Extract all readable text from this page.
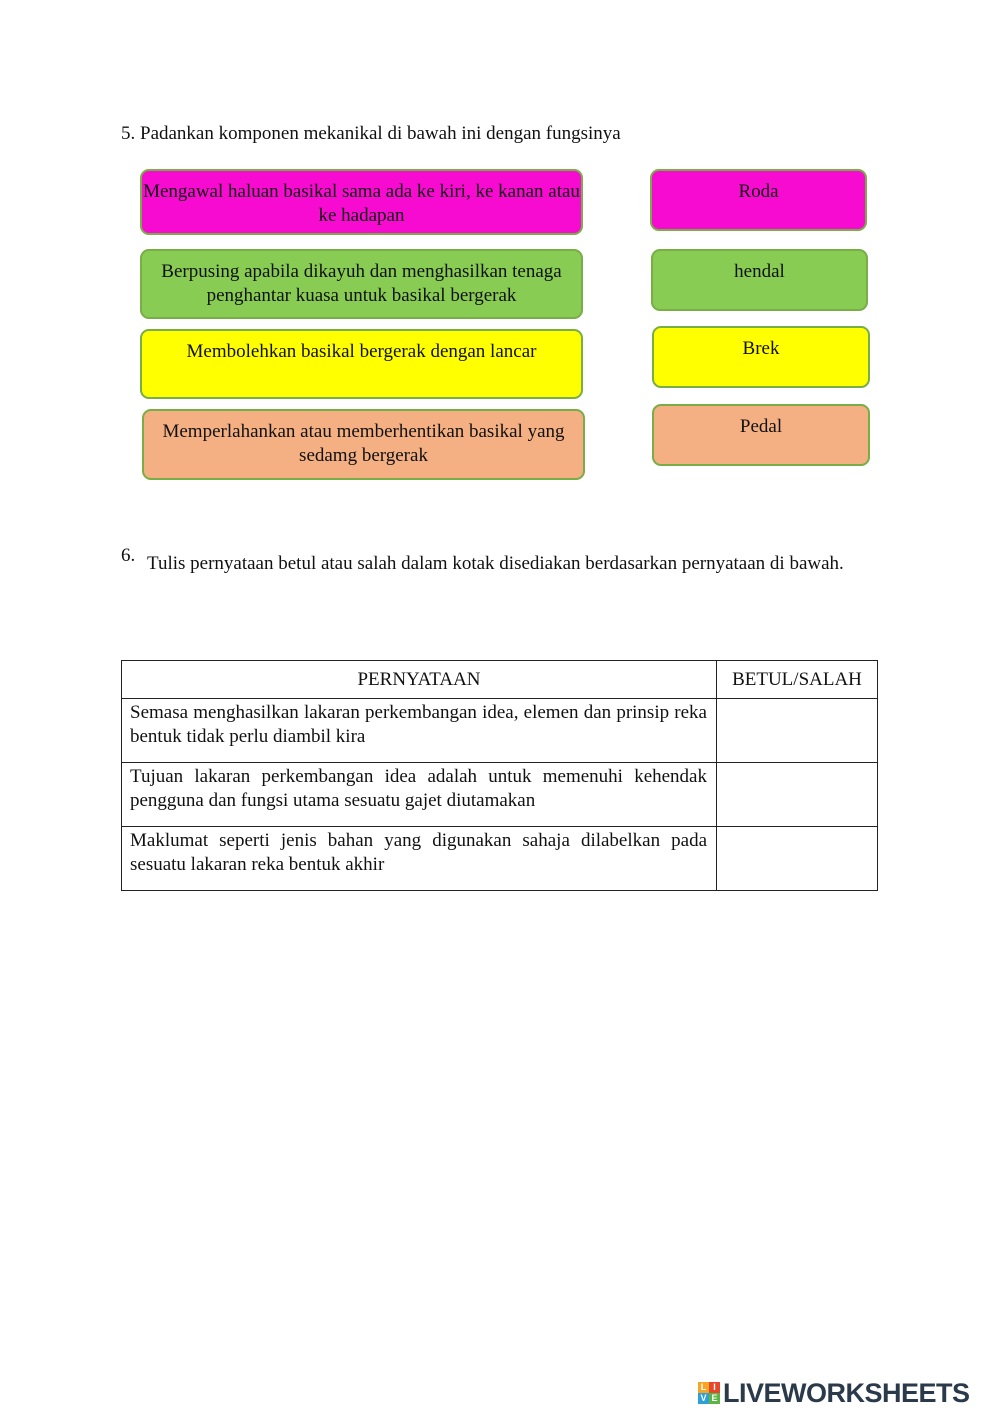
5. Padankan komponen mekanikal di bawah ini dengan fungsinya
Mengawal haluan basikal sama ada ke kiri, ke kanan atau ke hadapan
Berpusing apabila dikayuh dan menghasilkan tenaga penghantar kuasa untuk basikal bergerak
Membolehkan basikal bergerak dengan lancar
Memperlahankan atau memberhentikan basikal yang sedamg bergerak
Roda
hendal
Brek
Pedal
6. Tulis pernyataan betul atau salah dalam kotak disediakan berdasarkan pernyataan di bawah.
PERNYATAAN	BETUL/SALAH
Semasa menghasilkan lakaran perkembangan idea, elemen dan prinsip reka bentuk tidak perlu diambil kira	
Tujuan lakaran perkembangan idea adalah untuk memenuhi kehendak pengguna dan fungsi utama sesuatu gajet diutamakan	
Maklumat seperti jenis bahan yang digunakan sahaja dilabelkan pada sesuatu lakaran reka bentuk akhir	
L I
V E LIVEWORKSHEETS
